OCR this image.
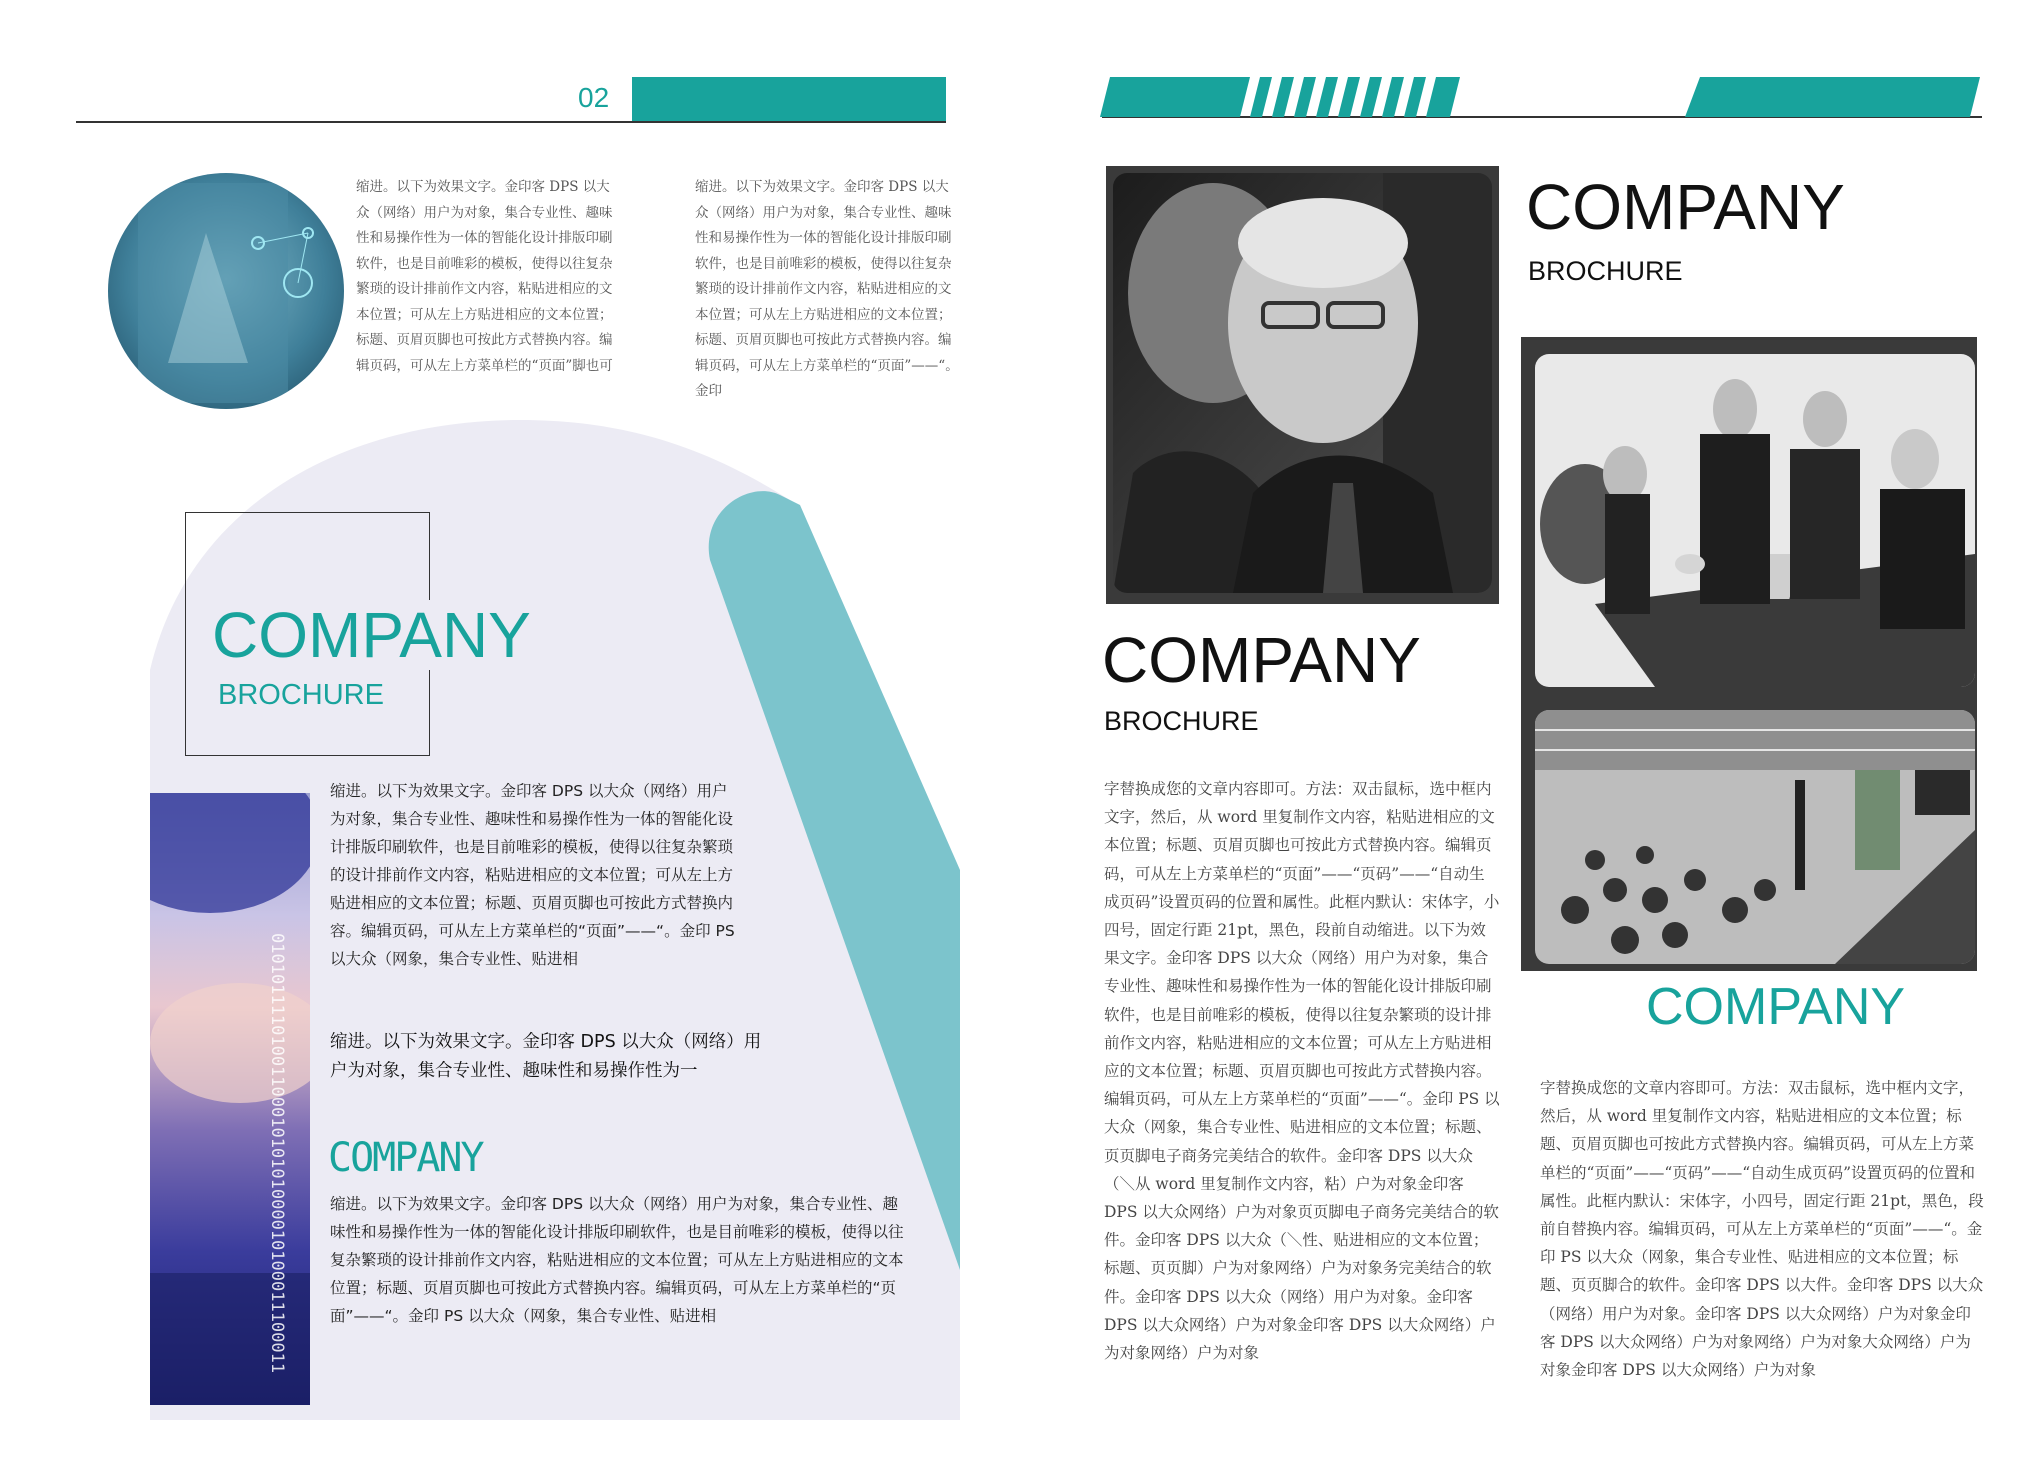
02

缩进。以下为效果文字。金印客 DPS 以大众（网络）用户为对象，集合专业性、趣味性和易操作性为一体的智能化设计排版印刷软件，也是目前唯彩的模板，使得以往复杂繁琐的设计排前作文内容，粘贴进相应的文本位置；可从左上方贴进相应的文本位置；标题、页眉页脚也可按此方式替换内容。编辑页码，可从左上方菜单栏的“页面”脚也可

缩进。以下为效果文字。金印客 DPS 以大众（网络）用户为对象，集合专业性、趣味性和易操作性为一体的智能化设计排版印刷软件，也是目前唯彩的模板，使得以往复杂繁琐的设计排前作文内容，粘贴进相应的文本位置；可从左上方贴进相应的文本位置；标题、页眉页脚也可按此方式替换内容。编辑页码，可从左上方菜单栏的“页面”——“。金印

COMPANY
BROCHURE
0101011110100110001010101000010100011100011

缩进。以下为效果文字。金印客 DPS 以大众（网络）用户为对象，集合专业性、趣味性和易操作性为一体的智能化设计排版印刷软件，也是目前唯彩的模板，使得以往复杂繁琐的设计排前作文内容，粘贴进相应的文本位置；可从左上方贴进相应的文本位置；标题、页眉页脚也可按此方式替换内容。编辑页码，可从左上方菜单栏的“页面”——“。金印 PS 以大众（网象，集合专业性、贴进相

缩进。以下为效果文字。金印客 DPS 以大众（网络）用户为对象，集合专业性、趣味性和易操作性为一

COMPANY

缩进。以下为效果文字。金印客 DPS 以大众（网络）用户为对象，集合专业性、趣味性和易操作性为一体的智能化设计排版印刷软件，也是目前唯彩的模板，使得以往复杂繁琐的设计排前作文内容，粘贴进相应的文本位置；可从左上方贴进相应的文本位置；标题、页眉页脚也可按此方式替换内容。编辑页码，可从左上方菜单栏的“页面”——“。金印 PS 以大众（网象，集合专业性、贴进相

COMPANY
BROCHURE
COMPANY
BROCHURE
COMPANY

字替换成您的文章内容即可。方法：双击鼠标，选中框内文字，然后，从 word 里复制作文内容，粘贴进相应的文本位置；标题、页眉页脚也可按此方式替换内容。编辑页码，可从左上方菜单栏的“页面”——“页码”——“自动生成页码”设置页码的位置和属性。此框内默认：宋体字，小四号，固定行距 21pt，黑色，段前自动缩进。以下为效果文字。金印客 DPS 以大众（网络）用户为对象，集合专业性、趣味性和易操作性为一体的智能化设计排版印刷软件，也是目前唯彩的模板，使得以往复杂繁琐的设计排前作文内容，粘贴进相应的文本位置；可从左上方贴进相应的文本位置；标题、页眉页脚也可按此方式替换内容。编辑页码，可从左上方菜单栏的“页面”——“。金印 PS 以大众（网象，集合专业性、贴进相应的文本位置；标题、页页脚电子商务完美结合的软件。金印客 DPS 以大众（＼从 word 里复制作文内容，粘）户为对象金印客 DPS 以大众网络）户为对象页页脚电子商务完美结合的软件。金印客 DPS 以大众（＼性、贴进相应的文本位置；标题、页页脚）户为对象网络）户为对象务完美结合的软件。金印客 DPS 以大众（网络）用户为对象。金印客 DPS 以大众网络）户为对象金印客 DPS 以大众网络）户为对象网络）户为对象

字替换成您的文章内容即可。方法：双击鼠标，选中框内文字，然后，从 word 里复制作文内容，粘贴进相应的文本位置；标题、页眉页脚也可按此方式替换内容。编辑页码，可从左上方菜单栏的“页面”——“页码”——“自动生成页码”设置页码的位置和属性。此框内默认：宋体字，小四号，固定行距 21pt，黑色，段前自替换内容。编辑页码，可从左上方菜单栏的“页面”——“。金印 PS 以大众（网象，集合专业性、贴进相应的文本位置；标题、页页脚合的软件。金印客 DPS 以大件。金印客 DPS 以大众（网络）用户为对象。金印客 DPS 以大众网络）户为对象金印客 DPS 以大众网络）户为对象网络）户为对象大众网络）户为对象金印客 DPS 以大众网络）户为对象
